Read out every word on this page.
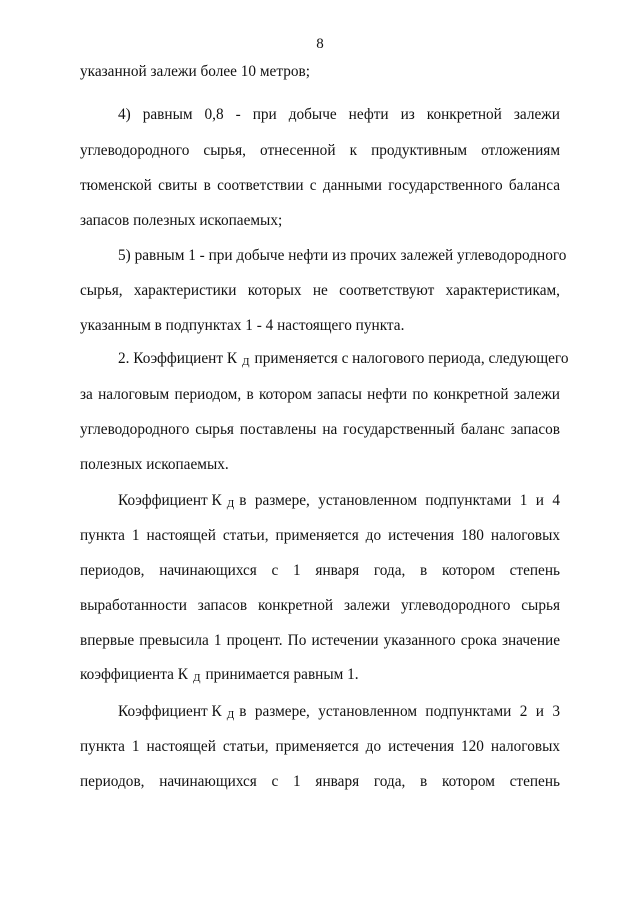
8
указанной залежи более 10 метров;
4) равным 0,8 - при добыче нефти из конкретной залежи
углеводородного сырья, отнесенной к продуктивным отложениям
тюменской свиты в соответствии с данными государственного баланса
запасов полезных ископаемых;
5) равным 1 - при добыче нефти из прочих залежей углеводородного
сырья, характеристики которых не соответствуют характеристикам,
указанным в подпунктах 1 - 4 настоящего пункта.
2. Коэффициент К Д применяется с налогового периода, следующего
за налоговым периодом, в котором запасы нефти по конкретной залежи
углеводородного сырья поставлены на государственный баланс запасов
полезных ископаемых.
Коэффициент К Д в размере, установленном подпунктами 1 и 4
пункта 1 настоящей статьи, применяется до истечения 180 налоговых
периодов, начинающихся с 1 января года, в котором степень
выработанности запасов конкретной залежи углеводородного сырья
впервые превысила 1 процент. По истечении указанного срока значение
коэффициента К Д принимается равным 1.
Коэффициент К Д в размере, установленном подпунктами 2 и 3
пункта 1 настоящей статьи, применяется до истечения 120 налоговых
периодов, начинающихся с 1 января года, в котором степень
